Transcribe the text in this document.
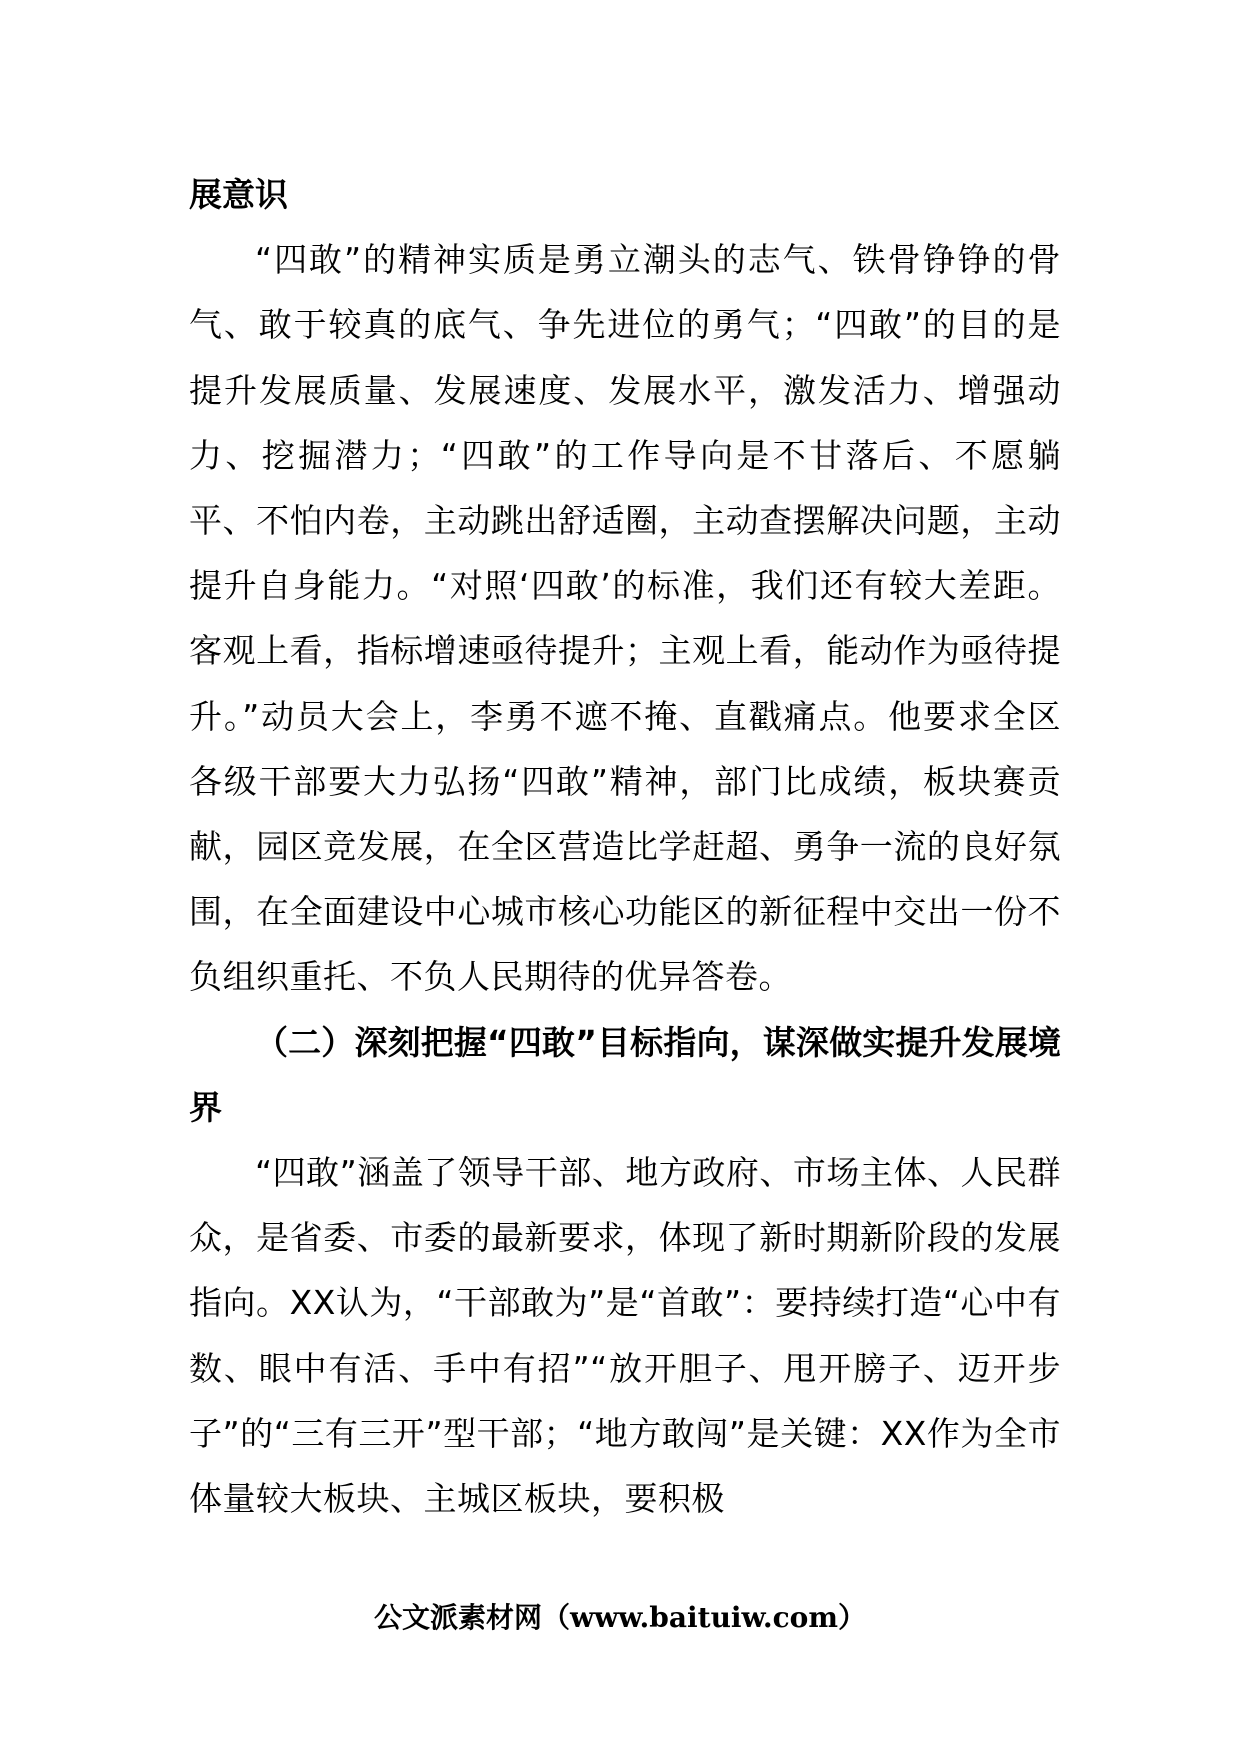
展意识

“四敢”的精神实质是勇立潮头的志气、铁骨铮铮的骨气、敢于较真的底气、争先进位的勇气；“四敢”的目的是提升发展质量、发展速度、发展水平，激发活力、增强动力、挖掘潜力；“四敢”的工作导向是不甘落后、不愿躺平、不怕内卷，主动跳出舒适圈，主动查摆解决问题，主动提升自身能力。“对照‘四敢’的标准，我们还有较大差距。客观上看，指标增速亟待提升；主观上看，能动作为亟待提升。”动员大会上，李勇不遮不掩、直戳痛点。他要求全区各级干部要大力弘扬“四敢”精神，部门比成绩，板块赛贡献，园区竞发展，在全区营造比学赶超、勇争一流的良好氛围，在全面建设中心城市核心功能区的新征程中交出一份不负组织重托、不负人民期待的优异答卷。

（二）深刻把握“四敢”目标指向，谋深做实提升发展境界

“四敢”涵盖了领导干部、地方政府、市场主体、人民群众，是省委、市委的最新要求，体现了新时期新阶段的发展指向。XX认为，“干部敢为”是“首敢”：要持续打造“心中有数、眼中有活、手中有招”“放开胆子、甩开膀子、迈开步子”的“三有三开”型干部；“地方敢闯”是关键：XX作为全市体量较大板块、主城区板块，要积极

公文派素材网（www.baituiw.com）
